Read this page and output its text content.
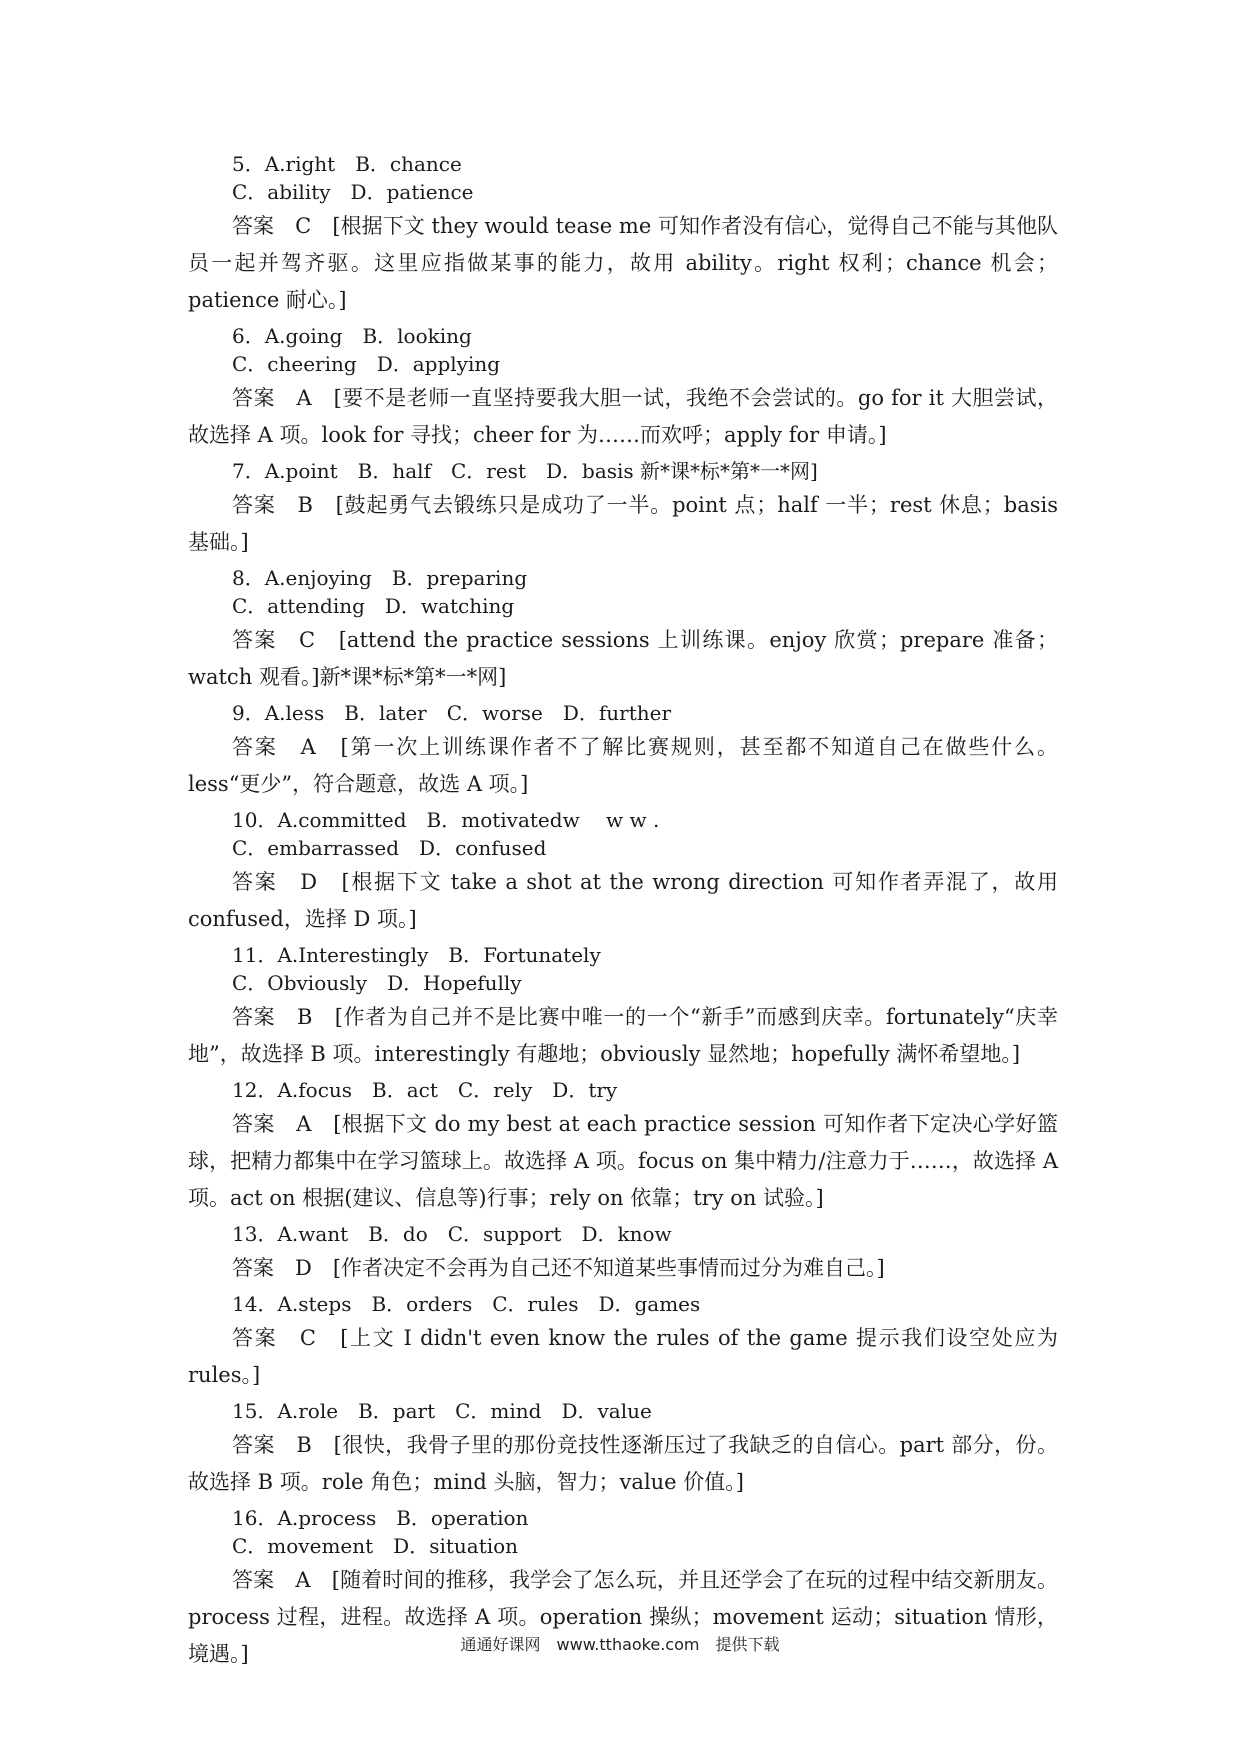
5．A.right　B．chance
C．ability　D．patience
答案　C　[根据下文 they would tease me 可知作者没有信心，觉得自己不能与其他队员一起并驾齐驱。这里应指做某事的能力，故用 ability。right 权利；chance 机会；patience 耐心。]
6．A.going　B．looking
C．cheering　D．applying
答案　A　[要不是老师一直坚持要我大胆一试，我绝不会尝试的。go for it 大胆尝试，故选择 A 项。look for 寻找；cheer for 为……而欢呼；apply for 申请。]
7．A.point　B．half　C．rest　D．basis 新*课*标*第*一*网]
答案　B　[鼓起勇气去锻练只是成功了一半。point 点；half 一半；rest 休息；basis 基础。]
8．A.enjoying　B．preparing
C．attending　D．watching
答案　C　[attend the practice sessions 上训练课。enjoy 欣赏；prepare 准备；watch 观看。]新*课*标*第*一*网]
9．A.less　B．later　C．worse　D．further
答案　A　[第一次上训练课作者不了解比赛规则，甚至都不知道自己在做些什么。less“更少”，符合题意，故选 A 项。]
10．A.committed　B．motivatedw　 w w .
C．embarrassed　D．confused
答案　D　[根据下文 take a shot at the wrong direction 可知作者弄混了，故用 confused，选择 D 项。]
11．A.Interestingly　B．Fortunately
C．Obviously　D．Hopefully
答案　B　[作者为自己并不是比赛中唯一的一个“新手”而感到庆幸。fortunately“庆幸地”，故选择 B 项。interestingly 有趣地；obviously 显然地；hopefully 满怀希望地。]
12．A.focus　B．act　C．rely　D．try
答案　A　[根据下文 do my best at each practice session 可知作者下定决心学好篮球，把精力都集中在学习篮球上。故选择 A 项。focus on 集中精力/注意力于……，故选择 A 项。act on 根据(建议、信息等)行事；rely on 依靠；try on 试验。]
13．A.want　B．do　C．support　D．know
答案　D　[作者决定不会再为自己还不知道某些事情而过分为难自己。]
14．A.steps　B．orders　C．rules　D．games
答案　C　[上文 I didn't even know the rules of the game 提示我们设空处应为 rules。]
15．A.role　B．part　C．mind　D．value
答案　B　[很快，我骨子里的那份竞技性逐渐压过了我缺乏的自信心。part 部分，份。故选择 B 项。role 角色；mind 头脑，智力；value 价值。]
16．A.process　B．operation
C．movement　D．situation
答案　A　[随着时间的推移，我学会了怎么玩，并且还学会了在玩的过程中结交新朋友。process 过程，进程。故选择 A 项。operation 操纵；movement 运动；situation 情形，境遇。]	通通好课网　www.tthaoke.com　提供下载
